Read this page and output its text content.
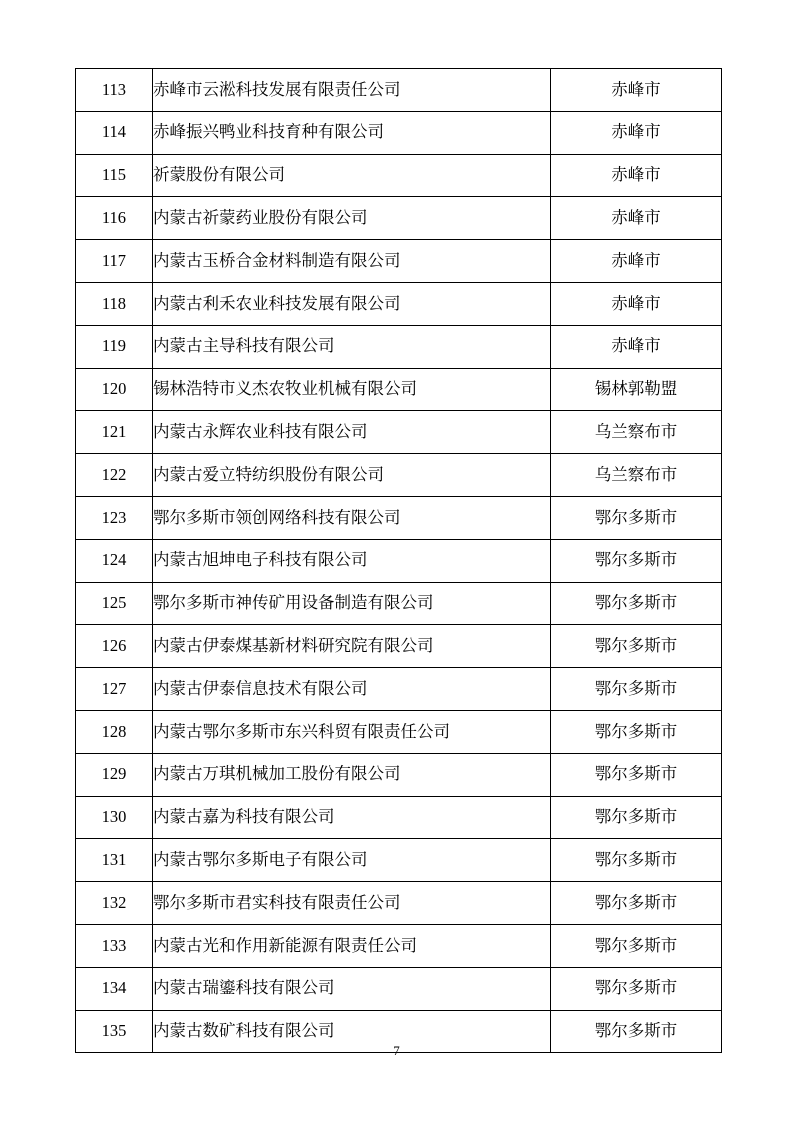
113	赤峰市云淞科技发展有限责任公司	赤峰市
114	赤峰振兴鸭业科技育种有限公司	赤峰市
115	祈蒙股份有限公司	赤峰市
116	内蒙古祈蒙药业股份有限公司	赤峰市
117	内蒙古玉桥合金材料制造有限公司	赤峰市
118	内蒙古利禾农业科技发展有限公司	赤峰市
119	内蒙古主导科技有限公司	赤峰市
120	锡林浩特市义杰农牧业机械有限公司	锡林郭勒盟
121	内蒙古永辉农业科技有限公司	乌兰察布市
122	内蒙古爱立特纺织股份有限公司	乌兰察布市
123	鄂尔多斯市领创网络科技有限公司	鄂尔多斯市
124	内蒙古旭坤电子科技有限公司	鄂尔多斯市
125	鄂尔多斯市神传矿用设备制造有限公司	鄂尔多斯市
126	内蒙古伊泰煤基新材料研究院有限公司	鄂尔多斯市
127	内蒙古伊泰信息技术有限公司	鄂尔多斯市
128	内蒙古鄂尔多斯市东兴科贸有限责任公司	鄂尔多斯市
129	内蒙古万琪机械加工股份有限公司	鄂尔多斯市
130	内蒙古嘉为科技有限公司	鄂尔多斯市
131	内蒙古鄂尔多斯电子有限公司	鄂尔多斯市
132	鄂尔多斯市君实科技有限责任公司	鄂尔多斯市
133	内蒙古光和作用新能源有限责任公司	鄂尔多斯市
134	内蒙古瑞鎏科技有限公司	鄂尔多斯市
135	内蒙古数矿科技有限公司	鄂尔多斯市
7
